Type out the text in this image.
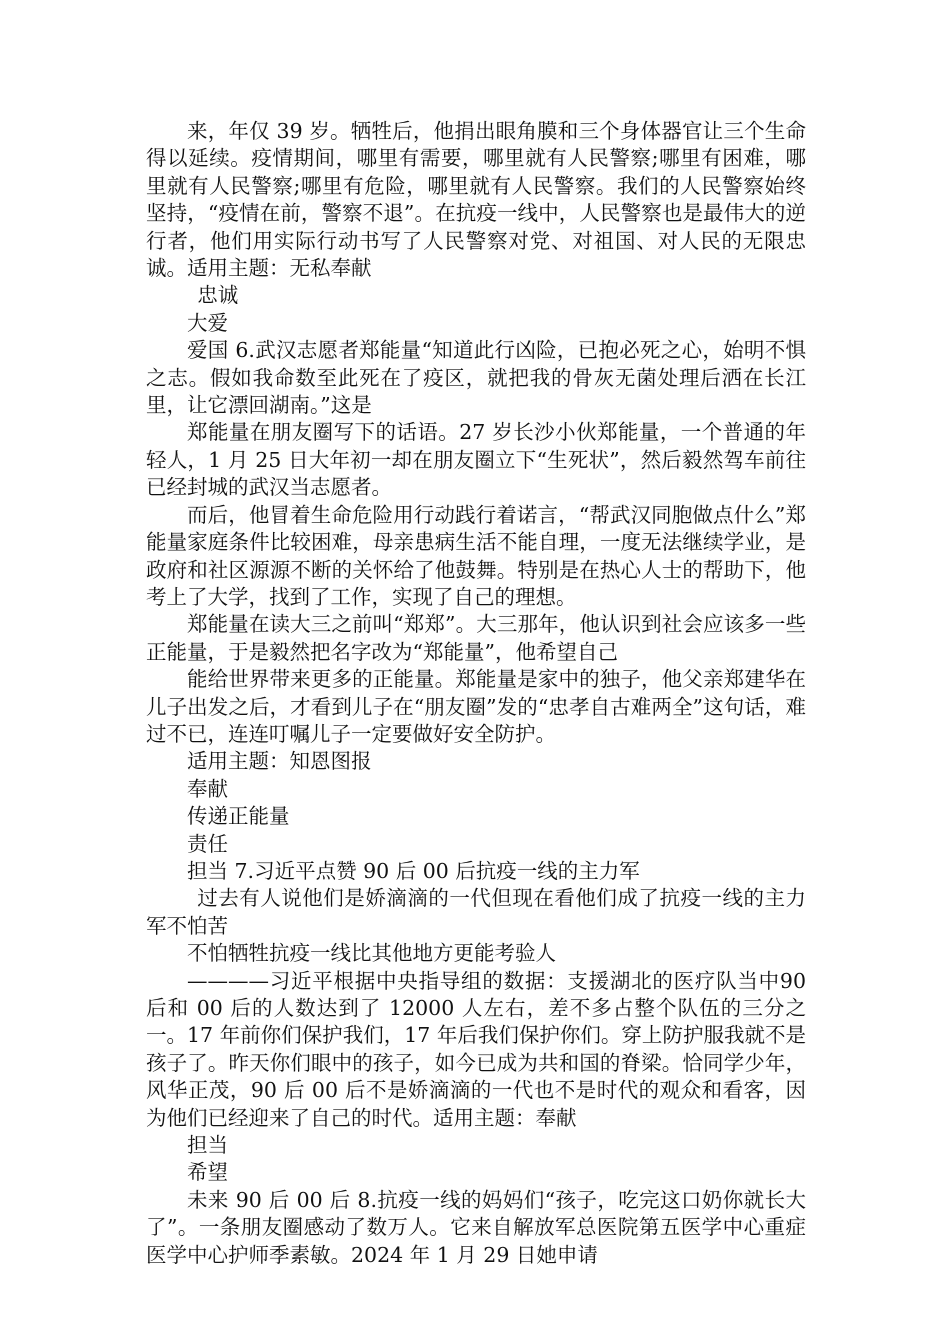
来，年仅 39 岁。牺牲后，他捐出眼角膜和三个身体器官让三个生命得以延续。疫情期间，哪里有需要，哪里就有人民警察;哪里有困难，哪里就有人民警察;哪里有危险，哪里就有人民警察。我们的人民警察始终坚持，“疫情在前，警察不退”。在抗疫一线中，人民警察也是最伟大的逆行者，他们用实际行动书写了人民警察对党、对祖国、对人民的无限忠诚。适用主题：无私奉献

忠诚

大爱

爱国 6.武汉志愿者郑能量“知道此行凶险，已抱必死之心，始明不惧之志。假如我命数至此死在了疫区，就把我的骨灰无菌处理后洒在长江里，让它漂回湖南。”这是

郑能量在朋友圈写下的话语。27 岁长沙小伙郑能量，一个普通的年轻人，1 月 25 日大年初一却在朋友圈立下“生死状”，然后毅然驾车前往已经封城的武汉当志愿者。

而后，他冒着生命危险用行动践行着诺言，“帮武汉同胞做点什么”郑能量家庭条件比较困难，母亲患病生活不能自理，一度无法继续学业，是政府和社区源源不断的关怀给了他鼓舞。特别是在热心人士的帮助下，他考上了大学，找到了工作，实现了自己的理想。

郑能量在读大三之前叫“郑郑”。大三那年，他认识到社会应该多一些正能量，于是毅然把名字改为“郑能量”，他希望自己

能给世界带来更多的正能量。郑能量是家中的独子，他父亲郑建华在儿子出发之后，才看到儿子在“朋友圈”发的“忠孝自古难两全”这句话，难过不已，连连叮嘱儿子一定要做好安全防护。

适用主题：知恩图报

奉献

传递正能量

责任

担当 7.习近平点赞 90 后 00 后抗疫一线的主力军

过去有人说他们是娇滴滴的一代但现在看他们成了抗疫一线的主力军不怕苦

不怕牺牲抗疫一线比其他地方更能考验人

————习近平根据中央指导组的数据：支援湖北的医疗队当中90 后和 00 后的人数达到了 12000 人左右，差不多占整个队伍的三分之一。17 年前你们保护我们，17 年后我们保护你们。穿上防护服我就不是孩子了。昨天你们眼中的孩子，如今已成为共和国的脊梁。恰同学少年，风华正茂，90 后 00 后不是娇滴滴的一代也不是时代的观众和看客，因为他们已经迎来了自己的时代。适用主题：奉献

担当

希望

未来 90 后 00 后 8.抗疫一线的妈妈们“孩子，吃完这口奶你就长大了”。一条朋友圈感动了数万人。它来自解放军总医院第五医学中心重症医学中心护师季素敏。2024 年 1 月 29 日她申请
